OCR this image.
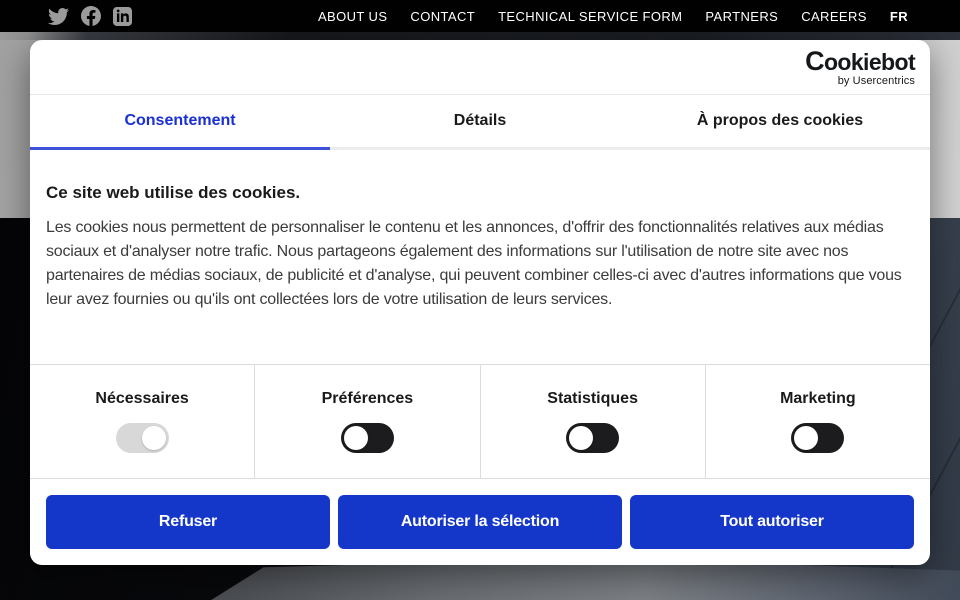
ABOUT US CONTACT TECHNICAL SERVICE FORM PARTNERS CAREERS FR
Cookiebot
by Usercentrics
Consentement	Détails	À propos des cookies
Ce site web utilise des cookies.

Les cookies nous permettent de personnaliser le contenu et les annonces, d'offrir des fonctionnalités relatives aux médias sociaux et d'analyser notre trafic. Nous partageons également des informations sur l'utilisation de notre site avec nos partenaires de médias sociaux, de publicité et d'analyse, qui peuvent combiner celles-ci avec d'autres informations que vous leur avez fournies ou qu'ils ont collectées lors de votre utilisation de leurs services.

Nécessaires	Préférences	Statistiques	Marketing
Refuser	Autoriser la sélection	Tout autoriser
